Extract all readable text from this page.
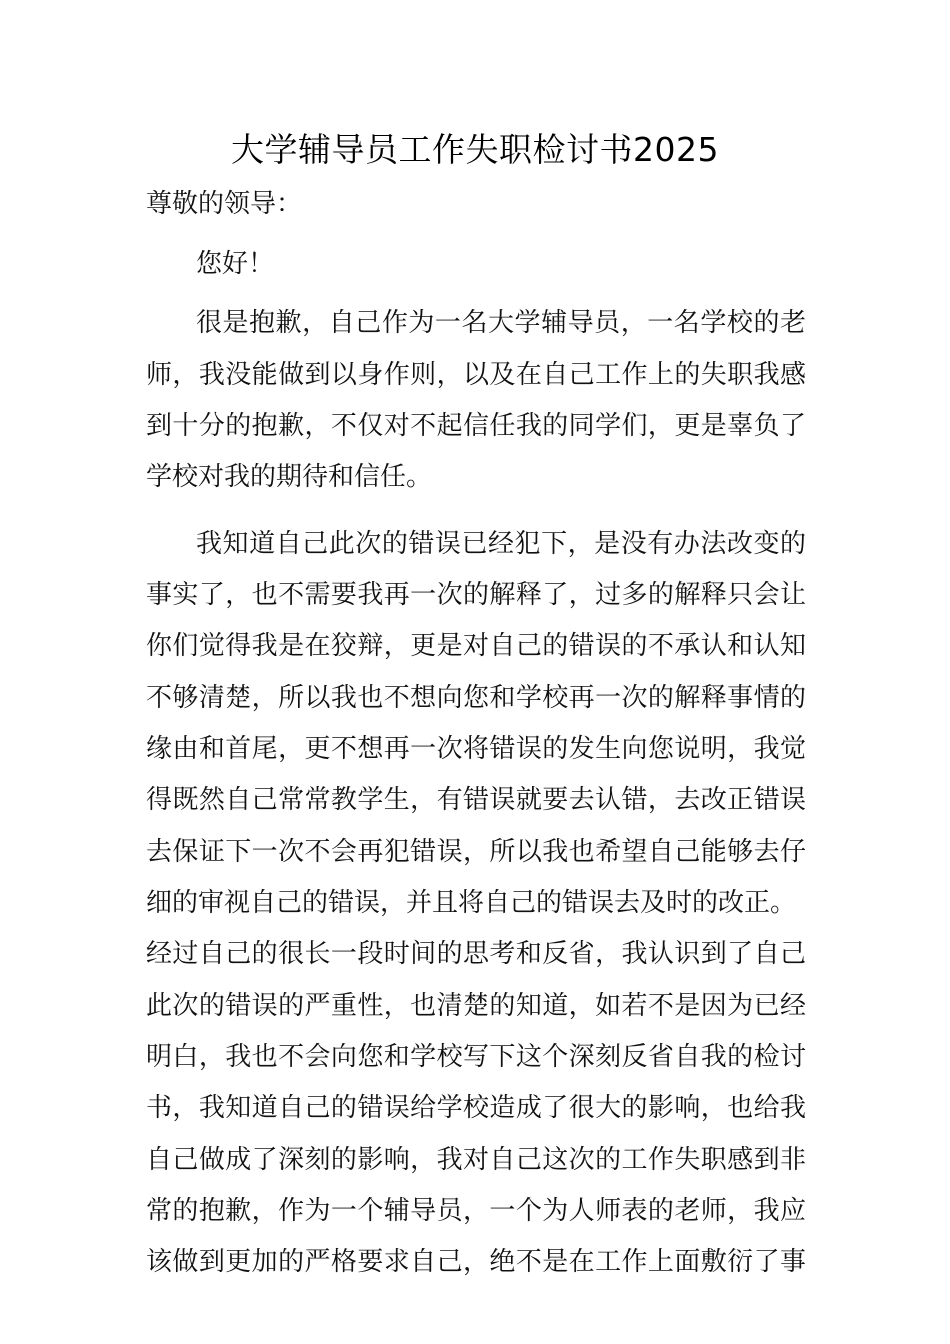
大学辅导员工作失职检讨书2025
尊敬的领导：
您好！
很是抱歉，自己作为一名大学辅导员，一名学校的老
师，我没能做到以身作则，以及在自己工作上的失职我感
到十分的抱歉，不仅对不起信任我的同学们，更是辜负了
学校对我的期待和信任。
我知道自己此次的错误已经犯下，是没有办法改变的
事实了，也不需要我再一次的解释了，过多的解释只会让
你们觉得我是在狡辩，更是对自己的错误的不承认和认知
不够清楚，所以我也不想向您和学校再一次的解释事情的
缘由和首尾，更不想再一次将错误的发生向您说明，我觉
得既然自己常常教学生，有错误就要去认错，去改正错误
去保证下一次不会再犯错误，所以我也希望自己能够去仔
细的审视自己的错误，并且将自己的错误去及时的改正。
经过自己的很长一段时间的思考和反省，我认识到了自己
此次的错误的严重性，也清楚的知道，如若不是因为已经
明白，我也不会向您和学校写下这个深刻反省自我的检讨
书，我知道自己的错误给学校造成了很大的影响，也给我
自己做成了深刻的影响，我对自己这次的工作失职感到非
常的抱歉，作为一个辅导员，一个为人师表的老师，我应
该做到更加的严格要求自己，绝不是在工作上面敷衍了事
